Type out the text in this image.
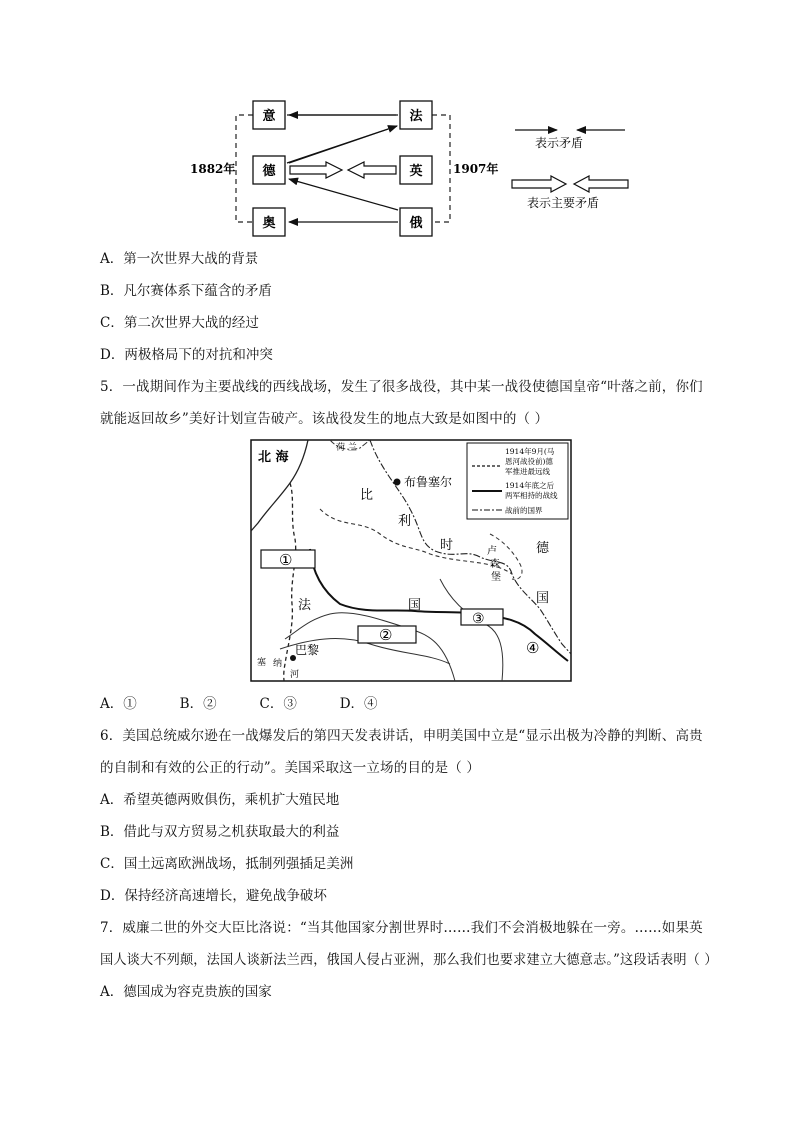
意
德
奥
法
英
俄
1882年	1907年
表示矛盾
表示主要矛盾
A．第一次世界大战的背景
B．凡尔赛体系下蕴含的矛盾
C．第二次世界大战的经过
D．两极格局下的对抗和冲突
5．一战期间作为主要战线的西线战场，发生了很多战役，其中某一战役使德国皇帝“叶落之前，你们
就能返回故乡”美好计划宣告破产。该战役发生的地点大致是如图中的（ ）
1914年9月(马
恩河战役前)德
军推进最远线
1914年底之后
两军相持的战线
战前的国界
北 海
荷 兰
布鲁塞尔
比
利
时	卢
森
堡
德
国
法	国
巴黎
塞 纳
河
①
②
③
④
A．①          B．②          C．③          D．④
6．美国总统威尔逊在一战爆发后的第四天发表讲话，申明美国中立是“显示出极为冷静的判断、高贵
的自制和有效的公正的行动”。美国采取这一立场的目的是（ ）
A．希望英德两败俱伤，乘机扩大殖民地
B．借此与双方贸易之机获取最大的利益
C．国土远离欧洲战场，抵制列强插足美洲
D．保持经济高速增长，避免战争破坏
7．威廉二世的外交大臣比洛说：“当其他国家分割世界时……我们不会消极地躲在一旁。……如果英
国人谈大不列颠，法国人谈新法兰西，俄国人侵占亚洲，那么我们也要求建立大德意志。”这段话表明（ ）
A．德国成为容克贵族的国家
